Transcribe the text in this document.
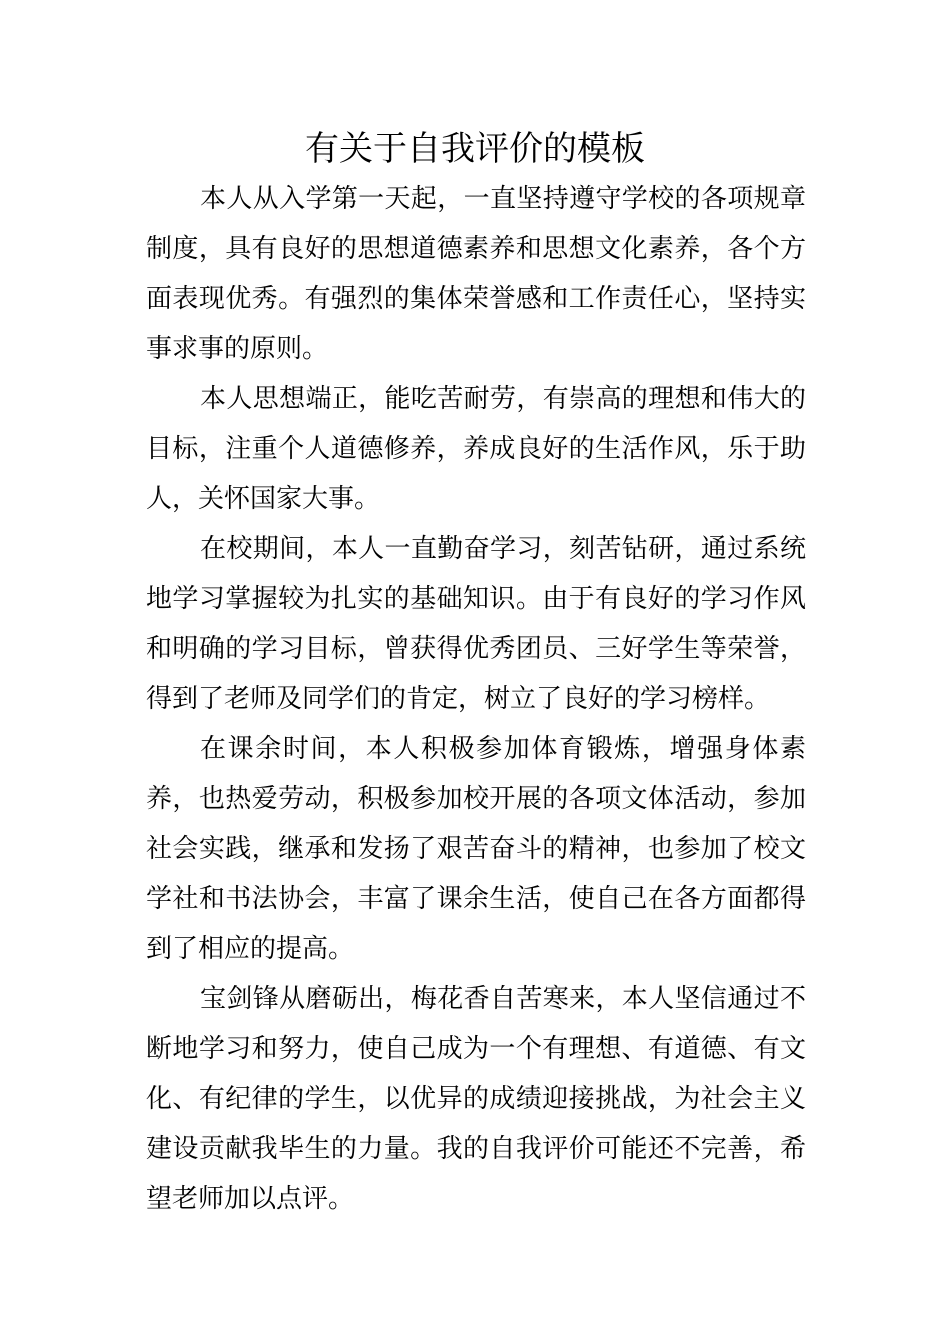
有关于自我评价的模板

本人从入学第一天起，一直坚持遵守学校的各项规章制度，具有良好的思想道德素养和思想文化素养，各个方面表现优秀。有强烈的集体荣誉感和工作责任心，坚持实事求事的原则。

本人思想端正，能吃苦耐劳，有崇高的理想和伟大的目标，注重个人道德修养，养成良好的生活作风，乐于助人，关怀国家大事。

在校期间，本人一直勤奋学习，刻苦钻研，通过系统地学习掌握较为扎实的基础知识。由于有良好的学习作风和明确的学习目标，曾获得优秀团员、三好学生等荣誉，得到了老师及同学们的肯定，树立了良好的学习榜样。

在课余时间，本人积极参加体育锻炼，增强身体素养，也热爱劳动，积极参加校开展的各项文体活动，参加社会实践，继承和发扬了艰苦奋斗的精神，也参加了校文学社和书法协会，丰富了课余生活，使自己在各方面都得到了相应的提高。

宝剑锋从磨砺出，梅花香自苦寒来，本人坚信通过不断地学习和努力，使自己成为一个有理想、有道德、有文化、有纪律的学生，以优异的成绩迎接挑战，为社会主义建设贡献我毕生的力量。我的自我评价可能还不完善，希望老师加以点评。
